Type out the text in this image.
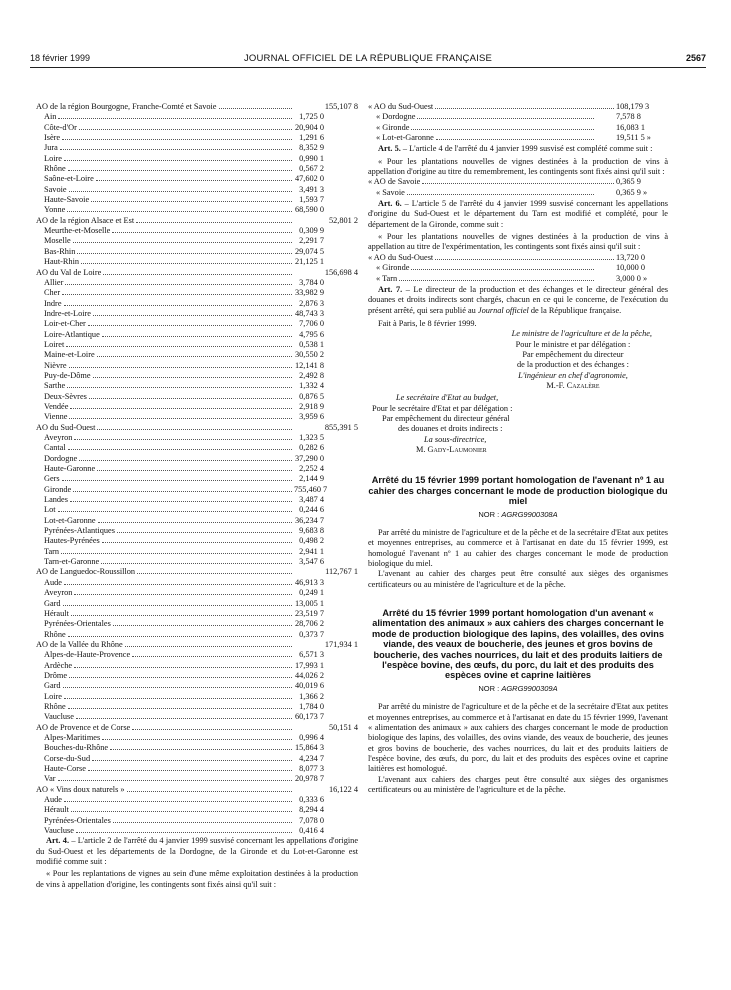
18 février 1999	JOURNAL OFFICIEL DE LA RÉPUBLIQUE FRANÇAISE	2567
AO de la région Bourgogne, Franche-Comté et Savoie	155,107 8
Ain	1,725 0
Côte-d'Or	20,904 0
Isère	1,291 6
Jura	8,352 9
Loire	0,990 1
Rhône	0,567 2
Saône-et-Loire	47,602 0
Savoie	3,491 3
Haute-Savoie	1,593 7
Yonne	68,590 0
AO de la région Alsace et Est	52,801 2
Meurthe-et-Moselle	0,309 9
Moselle	2,291 7
Bas-Rhin	29,074 5
Haut-Rhin	21,125 1
AO du Val de Loire	156,698 4
Allier	3,784 0
Cher	33,982 9
Indre	2,876 3
Indre-et-Loire	48,743 3
Loir-et-Cher	7,706 0
Loire-Atlantique	4,795 6
Loiret	0,538 1
Maine-et-Loire	30,550 2
Nièvre	12,141 8
Puy-de-Dôme	2,492 8
Sarthe	1,332 4
Deux-Sèvres	0,876 5
Vendée	2,918 9
Vienne	3,959 6
AO du Sud-Ouest	855,391 5
Aveyron	1,323 5
Cantal	0,282 6
Dordogne	37,290 0
Haute-Garonne	2,252 4
Gers	2,144 9
Gironde	755,460 7
Landes	3,487 4
Lot	0,244 6
Lot-et-Garonne	36,234 7
Pyrénées-Atlantiques	9,683 8
Hautes-Pyrénées	0,498 2
Tarn	2,941 1
Tarn-et-Garonne	3,547 6
AO de Languedoc-Roussillon	112,767 1
Aude	46,913 3
Aveyron	0,249 1
Gard	13,005 1
Hérault	23,519 7
Pyrénées-Orientales	28,706 2
Rhône	0,373 7
AO de la Vallée du Rhône	171,934 1
Alpes-de-Haute-Provence	6,571 3
Ardèche	17,993 1
Drôme	44,026 2
Gard	40,019 6
Loire	1,366 2
Rhône	1,784 0
Vaucluse	60,173 7
AO de Provence et de Corse	50,151 4
Alpes-Maritimes	0,996 4
Bouches-du-Rhône	15,864 3
Corse-du-Sud	4,234 7
Haute-Corse	8,077 3
Var	20,978 7
AO « Vins doux naturels »	16,122 4
Aude	0,333 6
Hérault	8,294 4
Pyrénées-Orientales	7,078 0
Vaucluse	0,416 4

Art. 4. – L'article 2 de l'arrêté du 4 janvier 1999 susvisé concernant les appellations d'origine du Sud-Ouest et les départements de la Dordogne, de la Gironde et du Lot-et-Garonne est modifié comme suit :

« Pour les replantations de vignes au sein d'une même exploitation destinées à la production de vins à appellation d'origine, les contingents sont fixés ainsi qu'il suit :

« AO du Sud-Ouest	108,179 3
« Dordogne	7,578 8
« Gironde	16,083 1
« Lot-et-Garonne	19,511 5 »

Art. 5. – L'article 4 de l'arrêté du 4 janvier 1999 susvisé est complété comme suit :

« Pour les plantations nouvelles de vignes destinées à la production de vins à appellation d'origine au titre du remembrement, les contingents sont fixés ainsi qu'il suit :

« AO de Savoie	0,365 9
« Savoie	0,365 9 »

Art. 6. – L'article 5 de l'arrêté du 4 janvier 1999 susvisé concernant les appellations d'origine du Sud-Ouest et le département du Tarn est modifié et complété, pour le département de la Gironde, comme suit :

« Pour les plantations nouvelles de vignes destinées à la production de vins à appellation au titre de l'expérimentation, les contingents sont fixés ainsi qu'il suit :

« AO du Sud-Ouest	13,720 0
« Gironde	10,000 0
« Tarn	3,000 0 »

Art. 7. – Le directeur de la production et des échanges et le directeur général des douanes et droits indirects sont chargés, chacun en ce qui le concerne, de l'exécution du présent arrêté, qui sera publié au Journal officiel de la République française.

Fait à Paris, le 8 février 1999.

Le ministre de l'agriculture et de la pêche,

Pour le ministre et par délégation :

Par empêchement du directeur

de la production et des échanges :

L'ingénieur en chef d'agronomie,

M.-F. Cazalère

Le secrétaire d'Etat au budget,

Pour le secrétaire d'Etat et par délégation :

Par empêchement du directeur général

des douanes et droits indirects :

La sous-directrice,

M. Gady-Laumonier

Arrêté du 15 février 1999 portant homologation de l'avenant nº 1 au cahier des charges concernant le mode de production biologique du miel
NOR : AGRG9900308A

Par arrêté du ministre de l'agriculture et de la pêche et de la secrétaire d'Etat aux petites et moyennes entreprises, au commerce et à l'artisanat en date du 15 février 1999, est homologué l'avenant nº 1 au cahier des charges concernant le mode de production biologique du miel.

L'avenant au cahier des charges peut être consulté aux sièges des organismes certificateurs ou au ministère de l'agriculture et de la pêche.

Arrêté du 15 février 1999 portant homologation d'un avenant « alimentation des animaux » aux cahiers des charges concernant le mode de production biologique des lapins, des volailles, des ovins viande, des veaux de boucherie, des jeunes et gros bovins de boucherie, des vaches nourrices, du lait et des produits laitiers de l'espèce bovine, des œufs, du porc, du lait et des produits des espèces ovine et caprine laitières
NOR : AGRG9900309A

Par arrêté du ministre de l'agriculture et de la pêche et de la secrétaire d'Etat aux petites et moyennes entreprises, au commerce et à l'artisanat en date du 15 février 1999, l'avenant « alimentation des animaux » aux cahiers des charges concernant le mode de production biologique des lapins, des volailles, des ovins viande, des veaux de boucherie, des jeunes et gros bovins de boucherie, des vaches nourrices, du lait et des produits laitiers de l'espèce bovine, des œufs, du porc, du lait et des produits des espèces ovine et caprine laitières est homologué.

L'avenant aux cahiers des charges peut être consulté aux sièges des organismes certificateurs ou au ministère de l'agriculture et de la pêche.
